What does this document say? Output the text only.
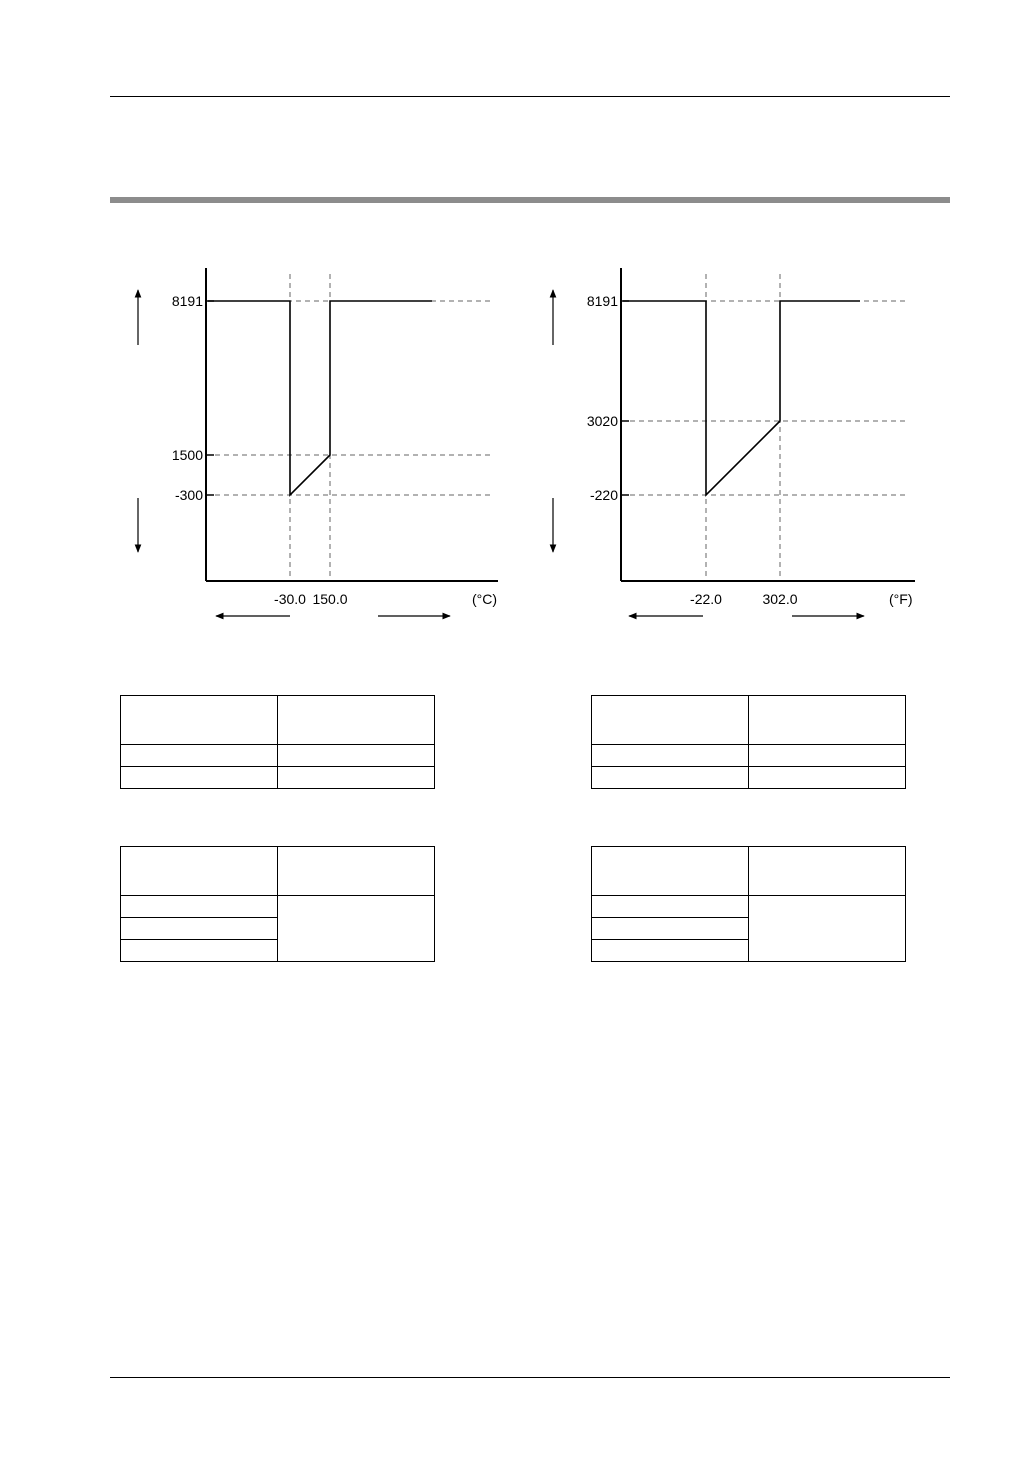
8191
1500
-300
-30.0 150.0	(°C)
8191
3020
-220
-22.0	302.0	(°F)
